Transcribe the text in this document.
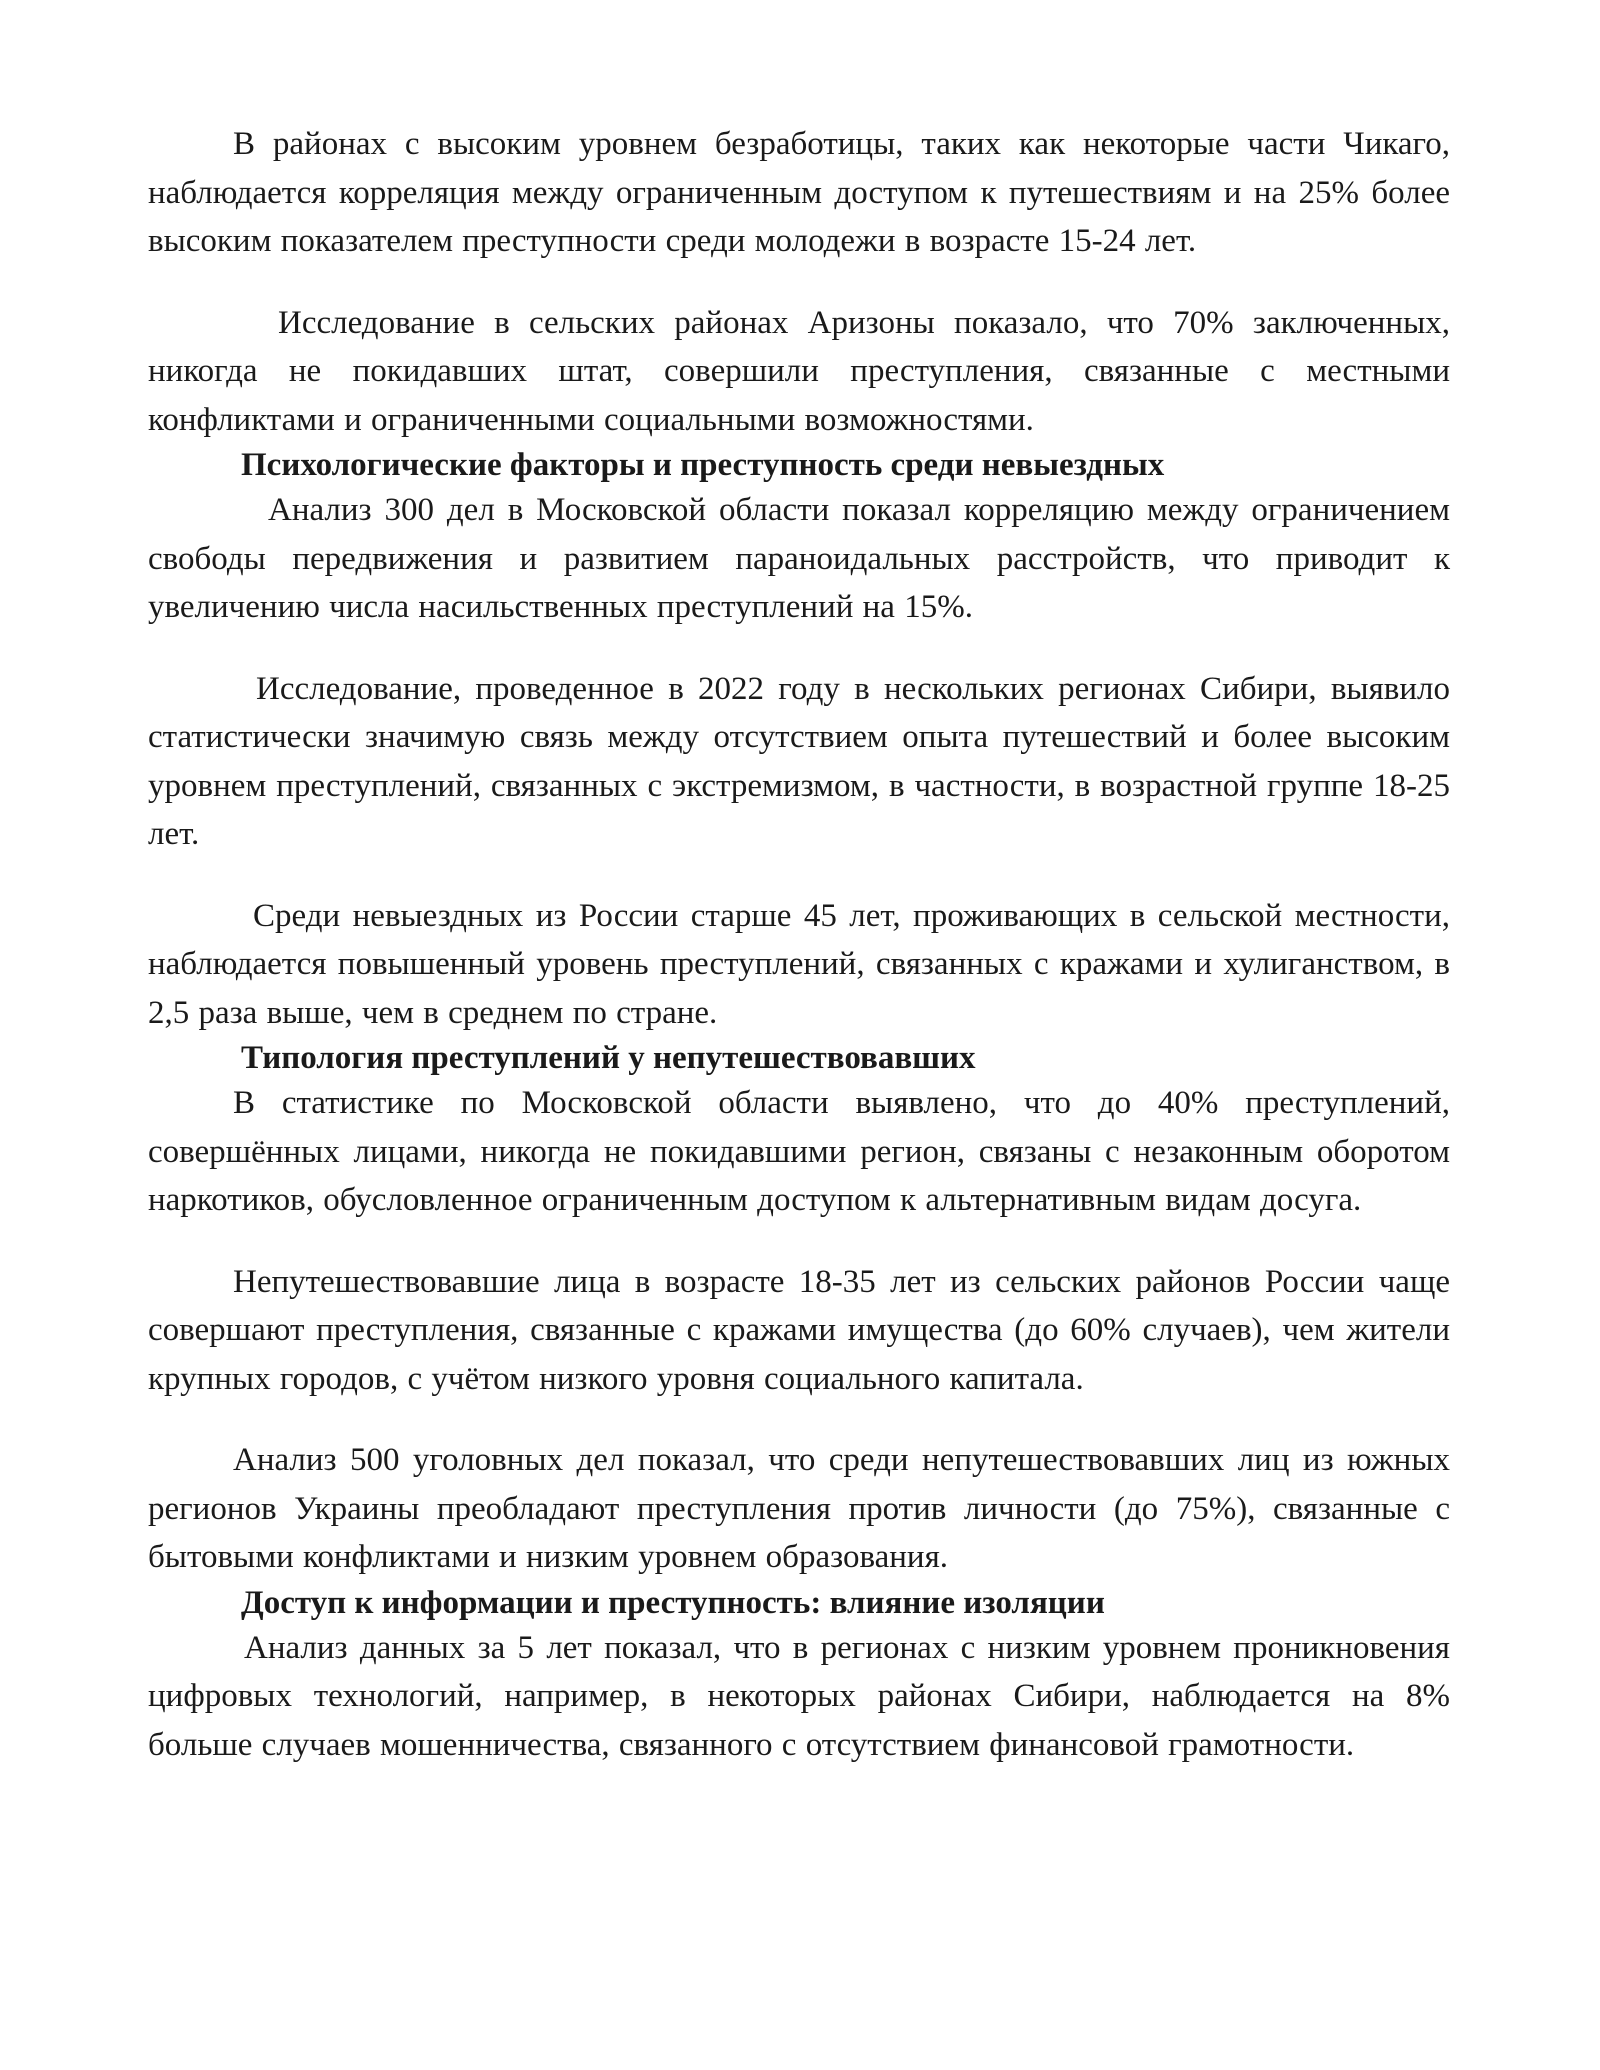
В районах с высоким уровнем безработицы, таких как некоторые части Чикаго, наблюдается корреляция между ограниченным доступом к путешествиям и на 25% более высоким показателем преступности среди молодежи в возрасте 15-24 лет.

Исследование в сельских районах Аризоны показало, что 70% заключенных, никогда не покидавших штат, совершили преступления, связанные с местными конфликтами и ограниченными социальными возможностями.

Психологические факторы и преступность среди невыездных

Анализ 300 дел в Московской области показал корреляцию между ограничением свободы передвижения и развитием параноидальных расстройств, что приводит к увеличению числа насильственных преступлений на 15%.

Исследование, проведенное в 2022 году в нескольких регионах Сибири, выявило статистически значимую связь между отсутствием опыта путешествий и более высоким уровнем преступлений, связанных с экстремизмом, в частности, в возрастной группе 18-25 лет.

Среди невыездных из России старше 45 лет, проживающих в сельской местности, наблюдается повышенный уровень преступлений, связанных с кражами и хулиганством, в 2,5 раза выше, чем в среднем по стране.

Типология преступлений у непутешествовавших

В статистике по Московской области выявлено, что до 40% преступлений, совершённых лицами, никогда не покидавшими регион, связаны с незаконным оборотом наркотиков, обусловленное ограниченным доступом к альтернативным видам досуга.

Непутешествовавшие лица в возрасте 18-35 лет из сельских районов России чаще совершают преступления, связанные с кражами имущества (до 60% случаев), чем жители крупных городов, с учётом низкого уровня социального капитала.

Анализ 500 уголовных дел показал, что среди непутешествовавших лиц из южных регионов Украины преобладают преступления против личности (до 75%), связанные с бытовыми конфликтами и низким уровнем образования.

Доступ к информации и преступность: влияние изоляции

Анализ данных за 5 лет показал, что в регионах с низким уровнем проникновения цифровых технологий, например, в некоторых районах Сибири, наблюдается на 8% больше случаев мошенничества, связанного с отсутствием финансовой грамотности.
